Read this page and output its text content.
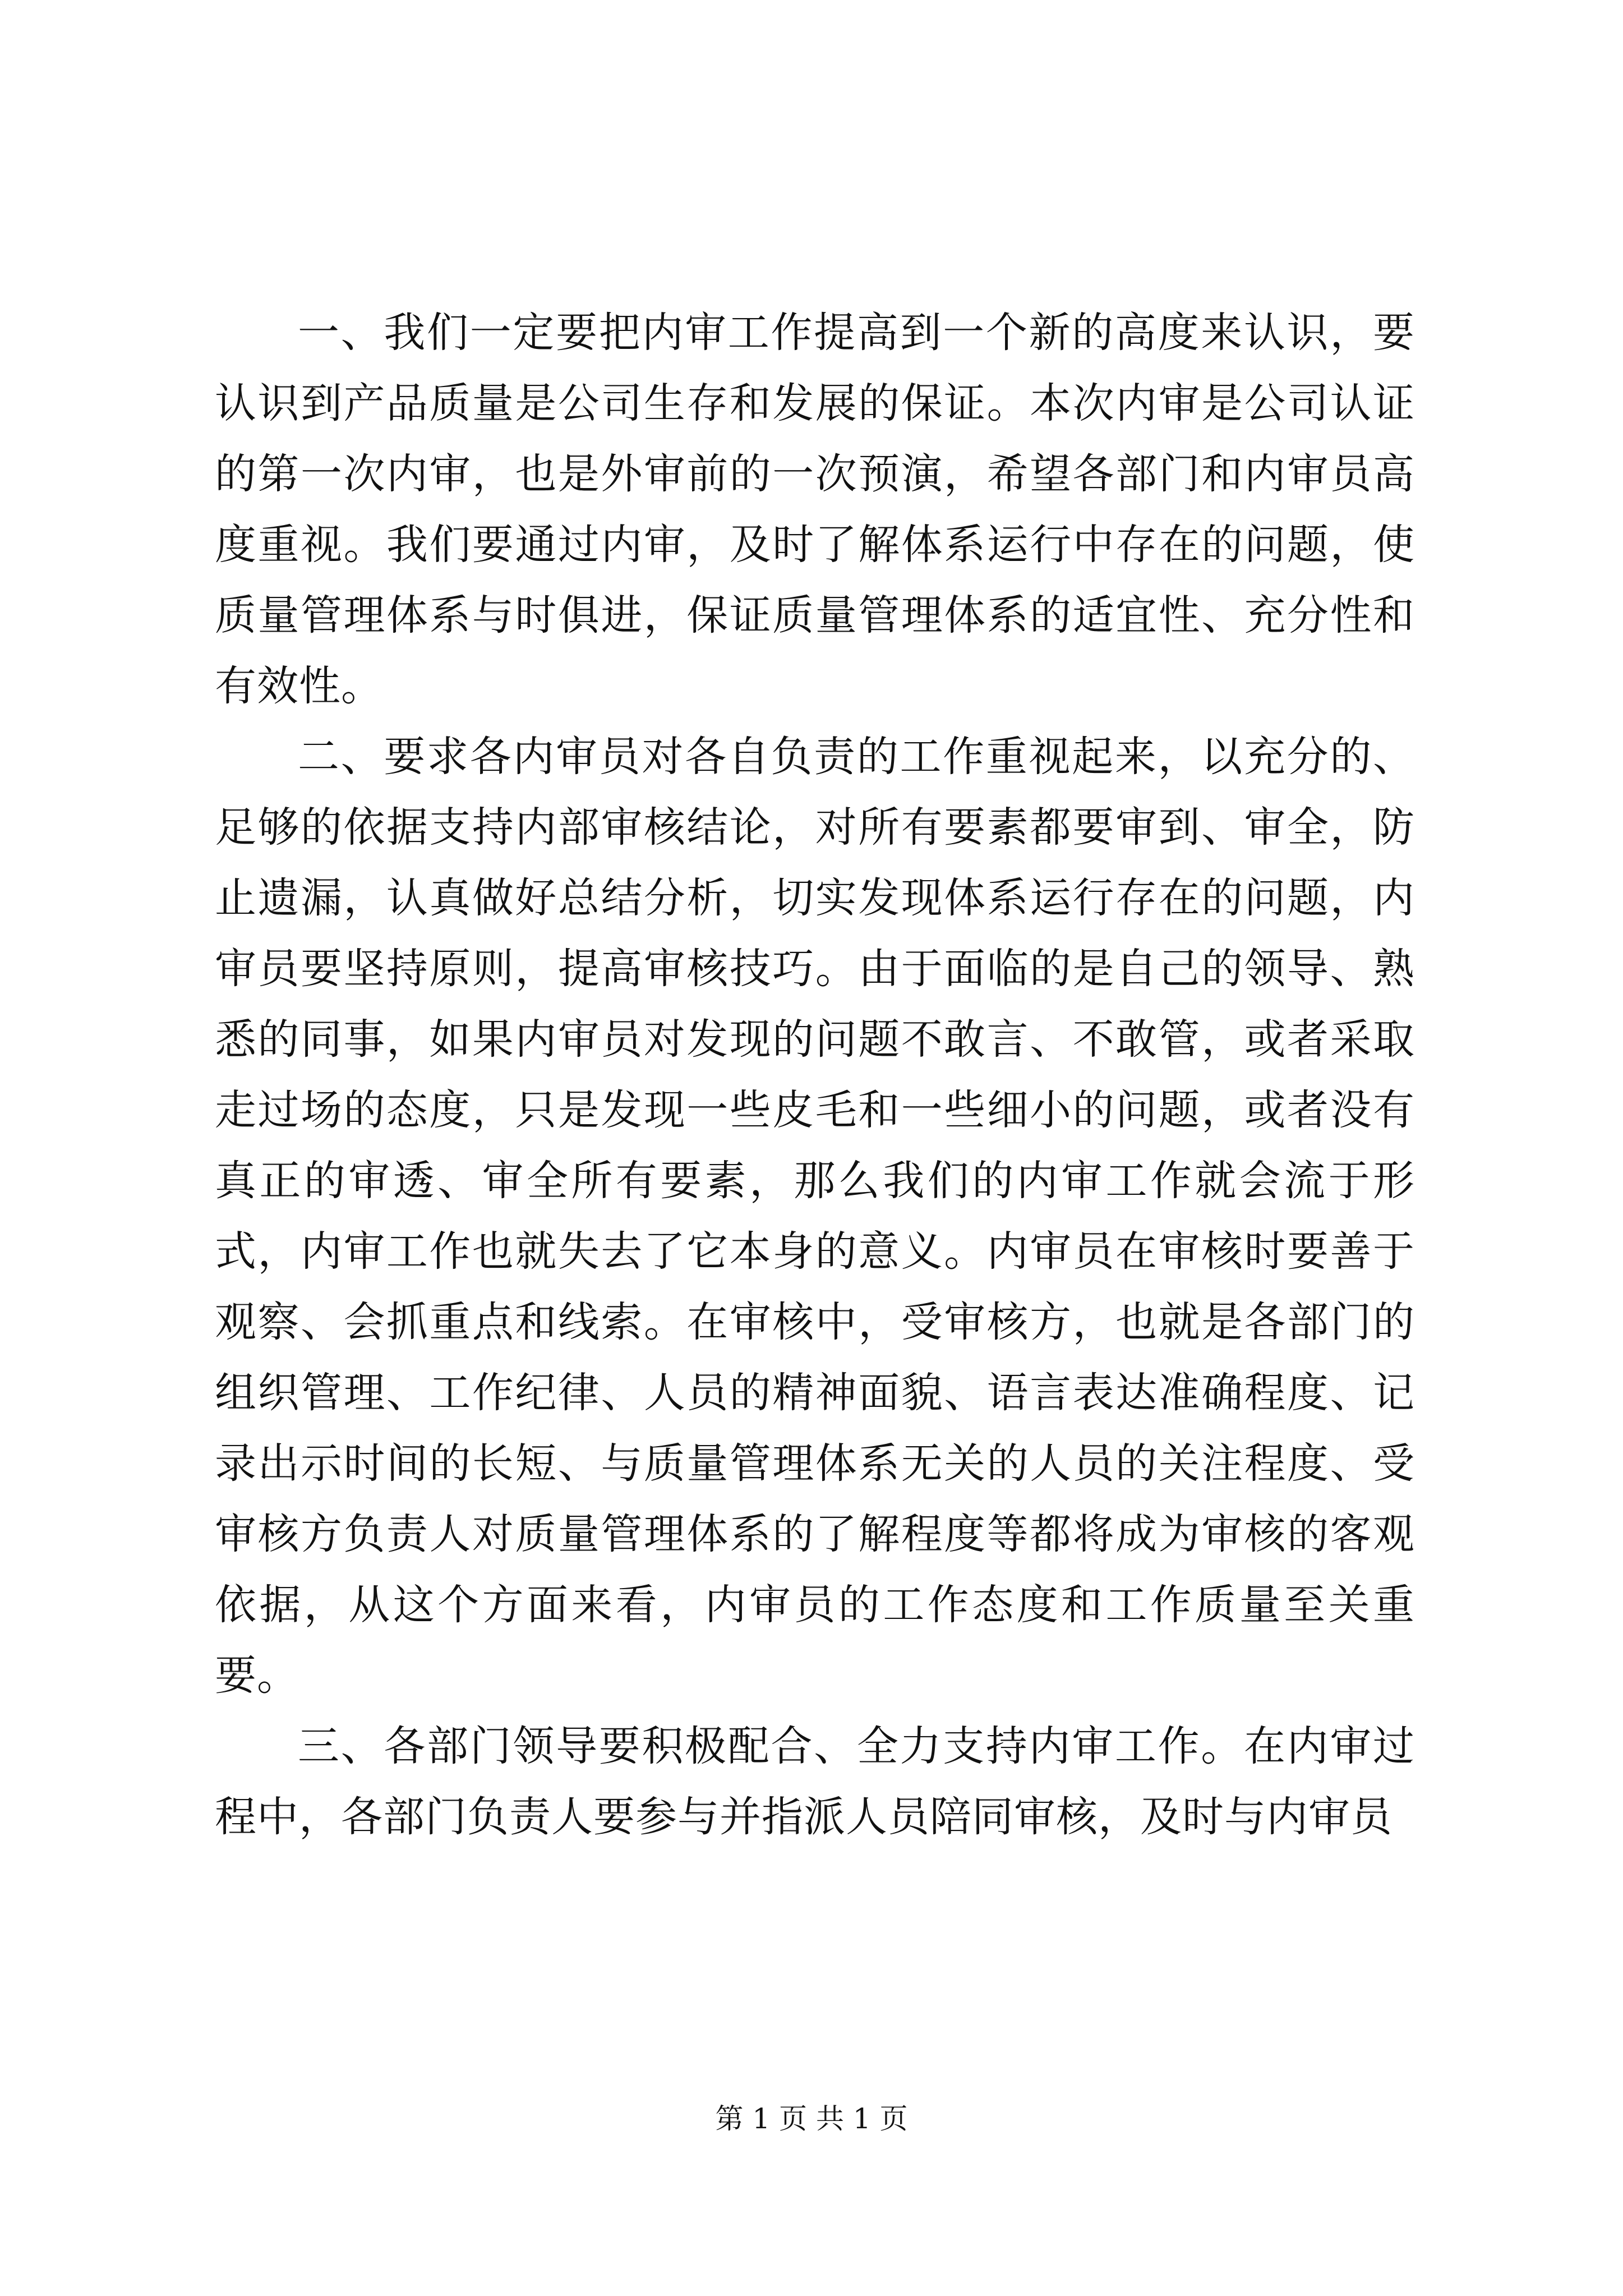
一、我们一定要把内审工作提高到一个新的高度来认识，要认识到产品质量是公司生存和发展的保证。本次内审是公司认证的第一次内审，也是外审前的一次预演，希望各部门和内审员高度重视。我们要通过内审，及时了解体系运行中存在的问题，使质量管理体系与时俱进，保证质量管理体系的适宜性、充分性和有效性。

二、要求各内审员对各自负责的工作重视起来，以充分的、足够的依据支持内部审核结论，对所有要素都要审到、审全，防止遗漏，认真做好总结分析，切实发现体系运行存在的问题，内审员要坚持原则，提高审核技巧。由于面临的是自己的领导、熟悉的同事，如果内审员对发现的问题不敢言、不敢管，或者采取走过场的态度，只是发现一些皮毛和一些细小的问题，或者没有真正的审透、审全所有要素，那么我们的内审工作就会流于形式，内审工作也就失去了它本身的意义。内审员在审核时要善于观察、会抓重点和线索。在审核中，受审核方，也就是各部门的组织管理、工作纪律、人员的精神面貌、语言表达准确程度、记录出示时间的长短、与质量管理体系无关的人员的关注程度、受审核方负责人对质量管理体系的了解程度等都将成为审核的客观依据，从这个方面来看，内审员的工作态度和工作质量至关重要。

三、各部门领导要积极配合、全力支持内审工作。在内审过程中，各部门负责人要参与并指派人员陪同审核，及时与内审员

第 1 页 共 1 页
